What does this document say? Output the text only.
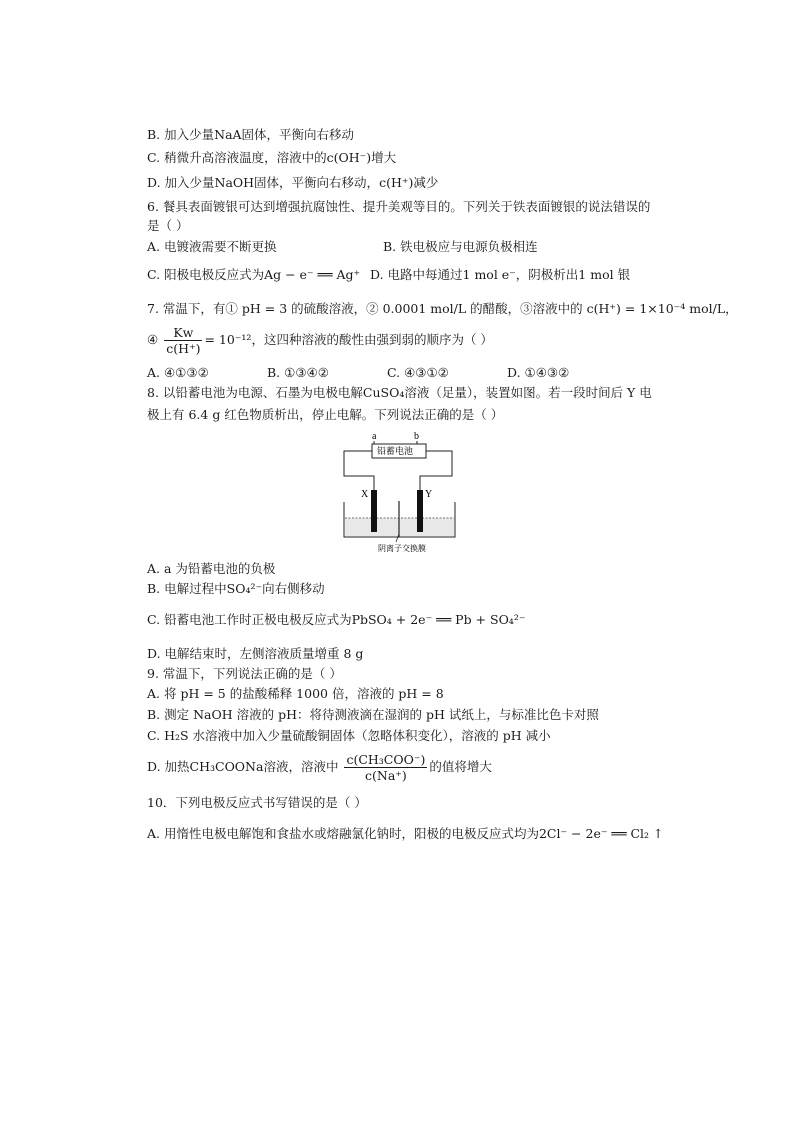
B. 加入少量NaA固体，平衡向右移动
C. 稍微升高溶液温度，溶液中的c(OH⁻)增大
D. 加入少量NaOH固体，平衡向右移动，c(H⁺)减少
6. 餐具表面镀银可达到增强抗腐蚀性、提升美观等目的。下列关于铁表面镀银的说法错误的
是（ ）
A. 电镀液需要不断更换	B. 铁电极应与电源负极相连
C. 阳极电极反应式为Ag − e⁻ ══ Ag⁺ D. 电路中每通过1 mol e⁻，阴极析出1 mol 银
7. 常温下，有① pH = 3 的硫酸溶液，② 0.0001 mol/L 的醋酸，③溶液中的 c(H⁺) = 1×10⁻⁴ mol/L，
④ $\frac{Kw}{c(H^+)} = 10^{-12}$，这四种溶液的酸性由强到弱的顺序为（ ）
A. ④①③②	B. ①③④②	C. ④③①②	D. ①④③②
8. 以铅蓄电池为电源、石墨为电极电解CuSO₄溶液（足量），装置如图。若一段时间后 Y 电
极上有 6.4 g 红色物质析出，停止电解。下列说法正确的是（ ）
a	b
铅蓄电池
X	Y
阴离子交换膜
A. a 为铅蓄电池的负极
B. 电解过程中SO₄²⁻向右侧移动
C. 铅蓄电池工作时正极电极反应式为PbSO₄ + 2e⁻ ══ Pb + SO₄²⁻
D. 电解结束时，左侧溶液质量增重 8 g
9. 常温下，下列说法正确的是（ ）
A. 将 pH = 5 的盐酸稀释 1000 倍，溶液的 pH = 8
B. 测定 NaOH 溶液的 pH：将待测液滴在湿润的 pH 试纸上，与标准比色卡对照
C. H₂S 水溶液中加入少量硫酸铜固体（忽略体积变化），溶液的 pH 减小
D. 加热CH₃COONa溶液，溶液中 $\frac{\text{c(CH₃COO⁻)}}{c(Na^+)}$ 的值将增大
10．下列电极反应式书写错误的是（ ）
A. 用惰性电极电解饱和食盐水或熔融氯化钠时，阳极的电极反应式均为2Cl⁻ − 2e⁻ ══ Cl₂ ↑
